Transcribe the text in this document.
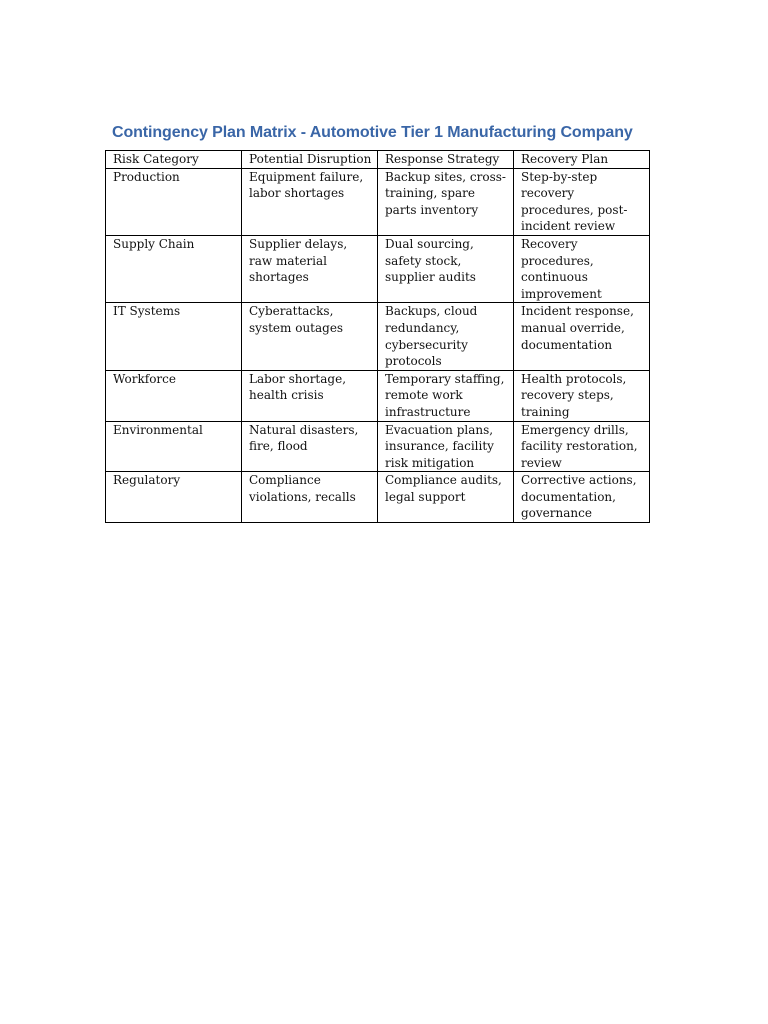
Contingency Plan Matrix - Automotive Tier 1 Manufacturing Company
Risk Category	Potential Disruption	Response Strategy	Recovery Plan
Production	Equipment failure, labor shortages	Backup sites, cross-training, spare parts inventory	Step-by-step recovery procedures, post-incident review
Supply Chain	Supplier delays, raw material shortages	Dual sourcing, safety stock, supplier audits	Recovery procedures, continuous improvement
IT Systems	Cyberattacks, system outages	Backups, cloud redundancy, cybersecurity protocols	Incident response, manual override, documentation
Workforce	Labor shortage, health crisis	Temporary staffing, remote work infrastructure	Health protocols, recovery steps, training
Environmental	Natural disasters, fire, flood	Evacuation plans, insurance, facility risk mitigation	Emergency drills, facility restoration, review
Regulatory	Compliance violations, recalls	Compliance audits, legal support	Corrective actions, documentation, governance
